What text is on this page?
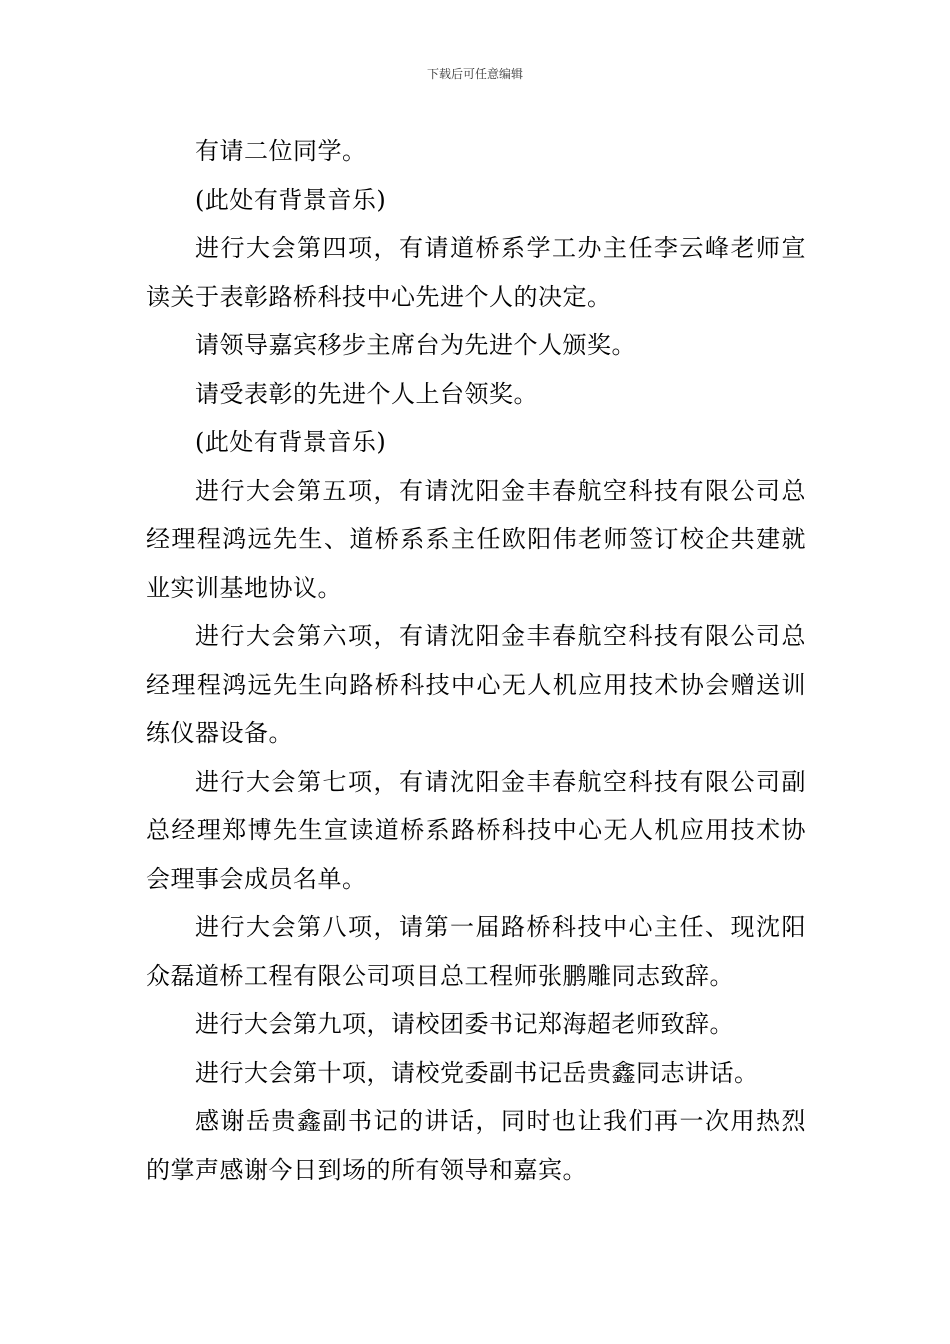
下载后可任意编辑

有请二位同学。

(此处有背景音乐)

进行大会第四项，有请道桥系学工办主任李云峰老师宣读关于表彰路桥科技中心先进个人的决定。

请领导嘉宾移步主席台为先进个人颁奖。

请受表彰的先进个人上台领奖。

(此处有背景音乐)

进行大会第五项，有请沈阳金丰春航空科技有限公司总经理程鸿远先生、道桥系系主任欧阳伟老师签订校企共建就业实训基地协议。

进行大会第六项，有请沈阳金丰春航空科技有限公司总经理程鸿远先生向路桥科技中心无人机应用技术协会赠送训练仪器设备。

进行大会第七项，有请沈阳金丰春航空科技有限公司副总经理郑博先生宣读道桥系路桥科技中心无人机应用技术协会理事会成员名单。

进行大会第八项，请第一届路桥科技中心主任、现沈阳众磊道桥工程有限公司项目总工程师张鹏雕同志致辞。

进行大会第九项，请校团委书记郑海超老师致辞。

进行大会第十项，请校党委副书记岳贵鑫同志讲话。

感谢岳贵鑫副书记的讲话，同时也让我们再一次用热烈的掌声感谢今日到场的所有领导和嘉宾。
